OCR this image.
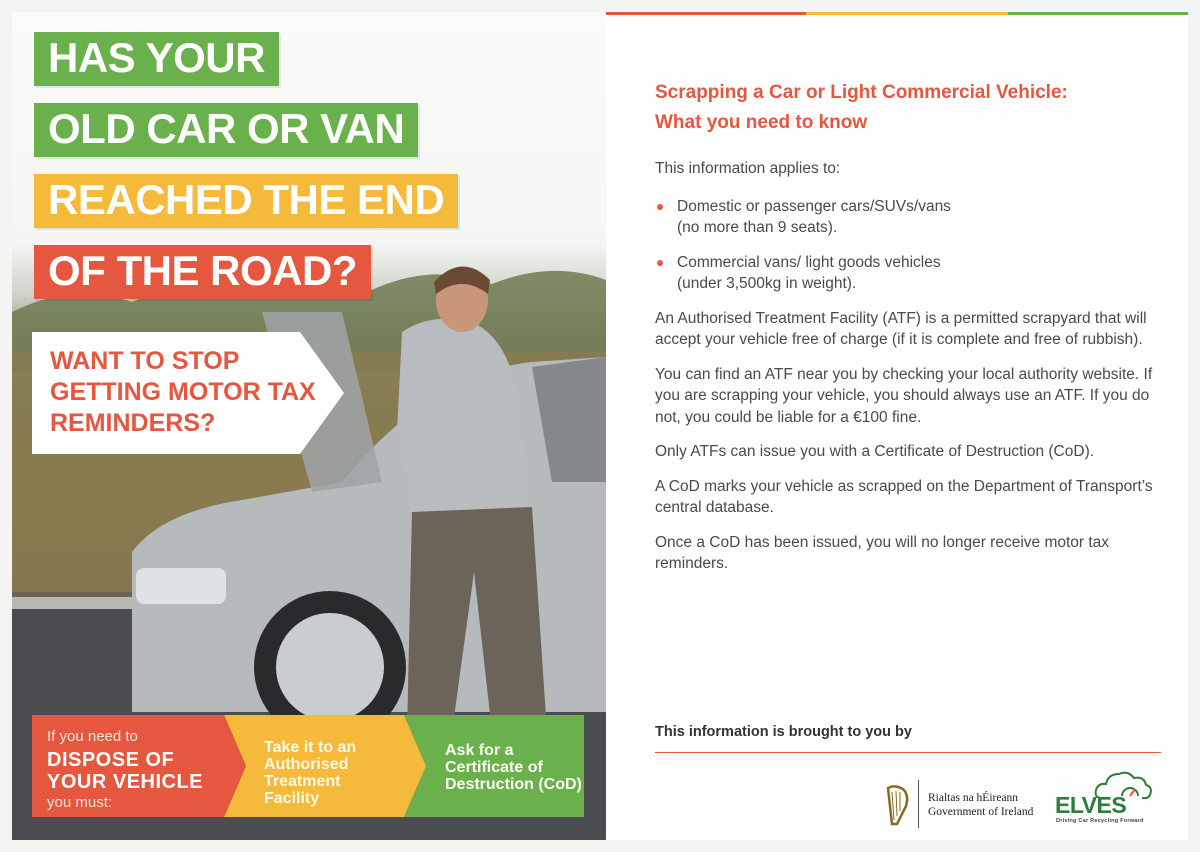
HAS YOUR
OLD CAR OR VAN
REACHED THE END
OF THE ROAD?
WANT TO STOP GETTING MOTOR TAX REMINDERS?
If you need to
DISPOSE OF YOUR VEHICLE
you must:
Take it to an Authorised Treatment Facility
Ask for a Certificate of Destruction (CoD)
Scrapping a Car or Light Commercial Vehicle:
What you need to know

This information applies to:

Domestic or passenger cars/SUVs/vans
(no more than 9 seats).
Commercial vans/ light goods vehicles
(under 3,500kg in weight).

An Authorised Treatment Facility (ATF) is a permitted scrapyard that will accept your vehicle free of charge (if it is complete and free of rubbish).

You can find an ATF near you by checking your local authority website. If you are scrapping your vehicle, you should always use an ATF. If you do not, you could be liable for a €100 fine.

Only ATFs can issue you with a Certificate of Destruction (CoD).

A CoD marks your vehicle as scrapped on the Department of Transport’s central database.

Once a CoD has been issued, you will no longer receive motor tax reminders.

This information is brought to you by
Rialtas na hÉireann
Government of Ireland ELVES
Driving Car Recycling Forward
